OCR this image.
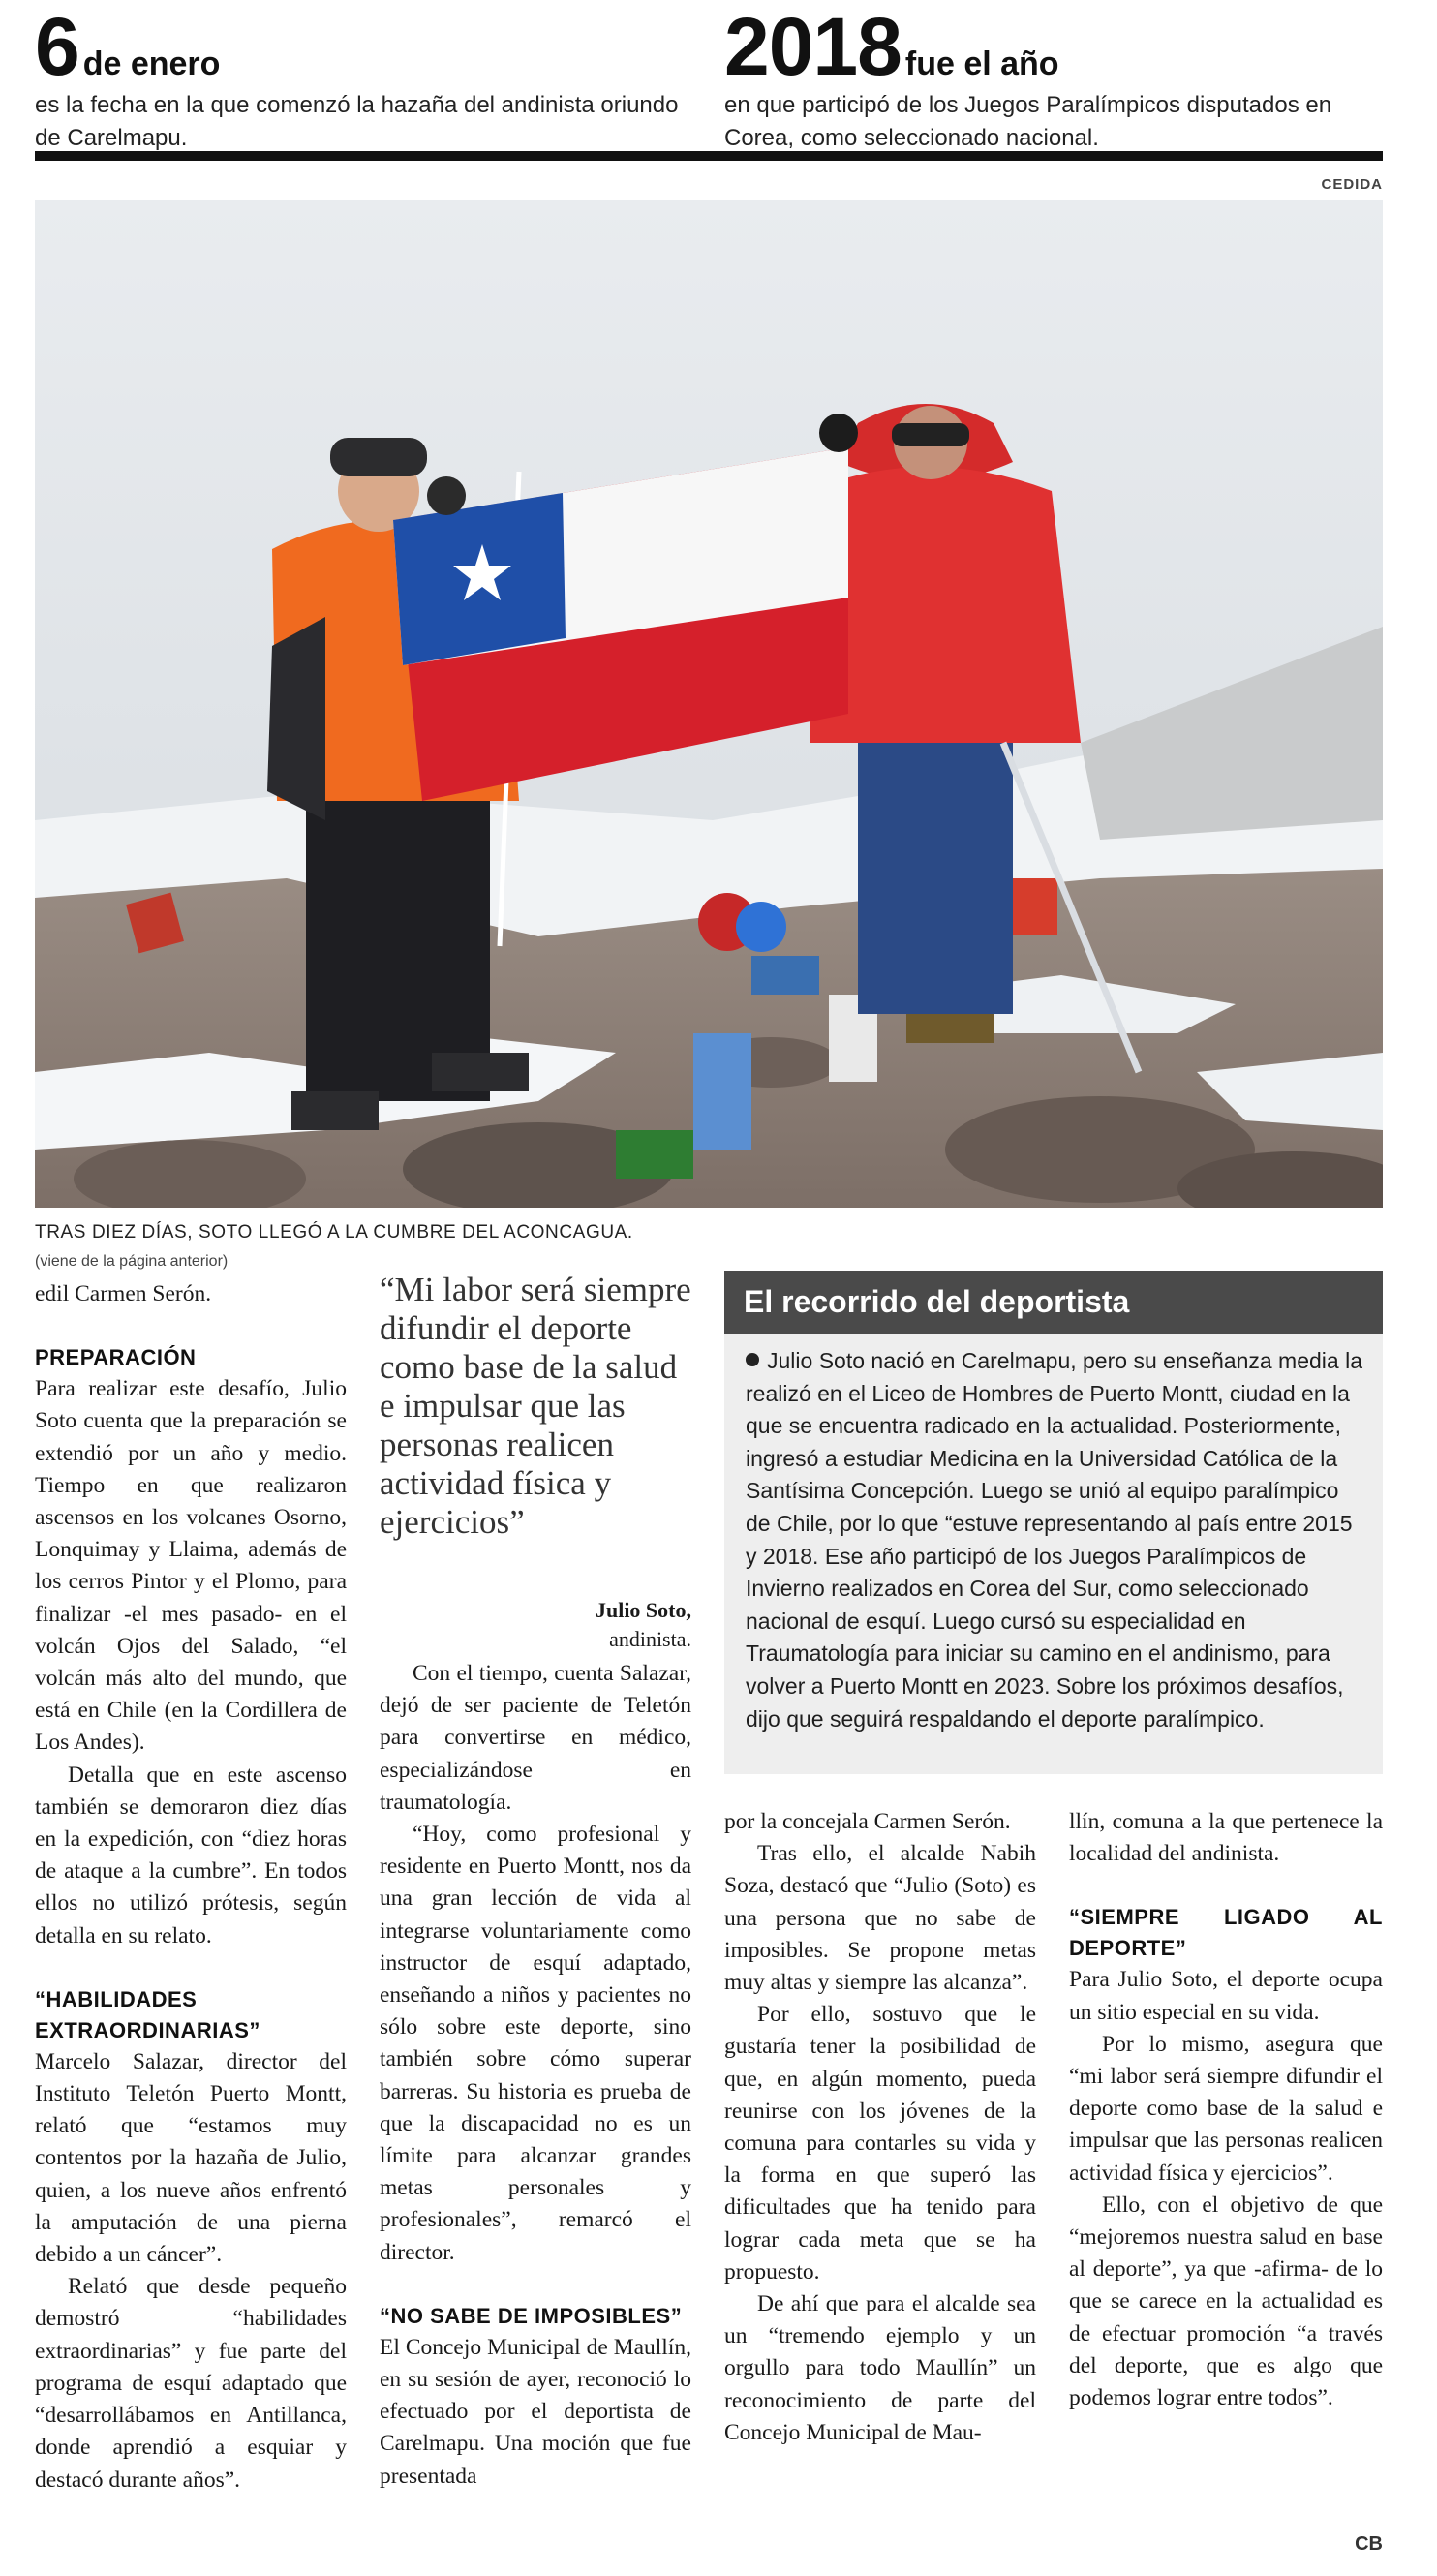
6 de enero
es la fecha en la que comenzó la hazaña del andinista oriundo de Carelmapu.
2018 fue el año
en que participó de los Juegos Paralímpicos disputados en Corea, como seleccionado nacional.
CEDIDA
TRAS DIEZ DÍAS, SOTO LLEGÓ A LA CUMBRE DEL ACONCAGUA.
(viene de la página anterior)

edil Carmen Serón.

PREPARACIÓN

Para realizar este desafío, Julio Soto cuenta que la preparación se extendió por un año y medio. Tiempo en que realizaron ascensos en los volcanes Osorno, Lonquimay y Llaima, además de los cerros Pintor y el Plomo, para finalizar -el mes pasado- en el volcán Ojos del Salado, “el volcán más alto del mundo, que está en Chile (en la Cordillera de Los Andes).

Detalla que en este ascenso también se demoraron diez días en la expedición, con “diez horas de ataque a la cumbre”. En todos ellos no utilizó prótesis, según detalla en su relato.

“HABILIDADES EXTRAORDINARIAS”

Marcelo Salazar, director del Instituto Teletón Puerto Montt, relató que “estamos muy contentos por la hazaña de Julio, quien, a los nueve años enfrentó la amputación de una pierna debido a un cáncer”.

Relató que desde pequeño demostró “habilidades extraordinarias” y fue parte del programa de esquí adaptado que “desarrollábamos en Antillanca, donde aprendió a esquiar y destacó durante años”.

“Mi labor será siempre difundir el deporte como base de la salud e impulsar que las personas realicen actividad física y ejercicios”
Julio Soto,
andinista.

Con el tiempo, cuenta Salazar, dejó de ser paciente de Teletón para convertirse en médico, especializándose en traumatología.

“Hoy, como profesional y residente en Puerto Montt, nos da una gran lección de vida al integrarse voluntariamente como instructor de esquí adaptado, enseñando a niños y pacientes no sólo sobre este deporte, sino también sobre cómo superar barreras. Su historia es prueba de que la discapacidad no es un límite para alcanzar grandes metas personales y profesionales”, remarcó el director.

“NO SABE DE IMPOSIBLES”

El Concejo Municipal de Maullín, en su sesión de ayer, reconoció lo efectuado por el deportista de Carelmapu. Una moción que fue presentada

El recorrido del deportista
Julio Soto nació en Carelmapu, pero su enseñanza media la realizó en el Liceo de Hombres de Puerto Montt, ciudad en la que se encuentra radicado en la actualidad. Posteriormente, ingresó a estudiar Medicina en la Universidad Católica de la Santísima Concepción. Luego se unió al equipo paralímpico de Chile, por lo que “estuve representando al país entre 2015 y 2018. Ese año participó de los Juegos Paralímpicos de Invierno realizados en Corea del Sur, como seleccionado nacional de esquí. Luego cursó su especialidad en Traumatología para iniciar su camino en el andinismo, para volver a Puerto Montt en 2023. Sobre los próximos desafíos, dijo que seguirá respaldando el deporte paralímpico.

por la concejala Carmen Serón.

Tras ello, el alcalde Nabih Soza, destacó que “Julio (Soto) es una persona que no sabe de imposibles. Se propone metas muy altas y siempre las alcanza”.

Por ello, sostuvo que le gustaría tener la posibilidad de que, en algún momento, pueda reunirse con los jóvenes de la comuna para contarles su vida y la forma en que superó las dificultades que ha tenido para lograr cada meta que se ha propuesto.

De ahí que para el alcalde sea un “tremendo ejemplo y un orgullo para todo Maullín” un reconocimiento de parte del Concejo Municipal de Mau-

llín, comuna a la que pertenece la localidad del andinista.

“SIEMPRE LIGADO AL DEPORTE”

Para Julio Soto, el deporte ocupa un sitio especial en su vida.

Por lo mismo, asegura que “mi labor será siempre difundir el deporte como base de la salud e impulsar que las personas realicen actividad física y ejercicios”.

Ello, con el objetivo de que “mejoremos nuestra salud en base al deporte”, ya que -afirma- de lo que se carece en la actualidad es de efectuar promoción “a través del deporte, que es algo que podemos lograr entre todos”.

CB
